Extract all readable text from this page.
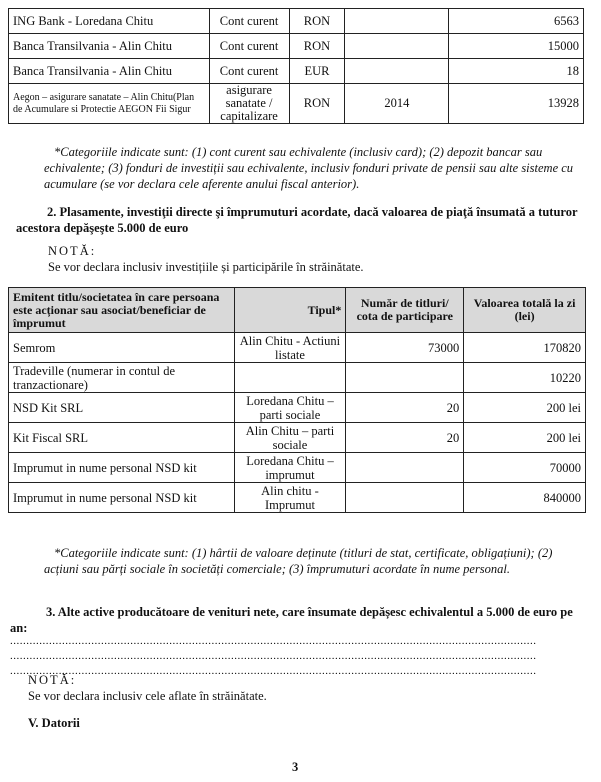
ING Bank - Loredana Chitu	Cont curent	RON		6563
Banca Transilvania - Alin Chitu	Cont curent	RON		15000
Banca Transilvania - Alin Chitu	Cont curent	EUR		18
Aegon – asigurare sanatate – Alin Chitu(Plan de Acumulare si Protectie AEGON Fii Sigur	asigurare sanatate / capitalizare	RON	2014	13928
*Categoriile indicate sunt: (1) cont curent sau echivalente (inclusiv card); (2) depozit bancar sau echivalente; (3) fonduri de investiții sau echivalente, inclusiv fonduri private de pensii sau alte sisteme cu acumulare (se vor declara cele aferente anului fiscal anterior).
2. Plasamente, investiţii directe şi împrumuturi acordate, dacă valoarea de piaţă însumată a tuturor acestora depăşeşte 5.000 de euro
NOTĂ:
Se vor declara inclusiv investițiile și participările în străinătate.
Emitent titlu/societatea în care persoana este acționar sau asociat/beneficiar de împrumut	Tipul*	Număr de titluri/ cota de participare	Valoarea totală la zi (lei)
Semrom	Alin Chitu - Actiuni listate	73000	170820
Tradeville (numerar in contul de tranzactionare)			10220
NSD Kit SRL	Loredana Chitu – parti sociale	20	200 lei
Kit Fiscal SRL	Alin Chitu – parti sociale	20	200 lei
Imprumut in nume personal NSD kit	Loredana Chitu – imprumut		70000
Imprumut in nume personal NSD kit	Alin chitu - Imprumut		840000
*Categoriile indicate sunt: (1) hârtii de valoare deținute (titluri de stat, certificate, obligațiuni); (2) acțiuni sau părți sociale în societăți comerciale; (3) împrumuturi acordate în nume personal.
3. Alte active producătoare de venituri nete, care însumate depășesc echivalentul a 5.000 de euro pe an:
..................................................................................................................................................................
..................................................................................................................................................................
..................................................................................................................................................................
NOTĂ:
Se vor declara inclusiv cele aflate în străinătate.
V. Datorii
3
